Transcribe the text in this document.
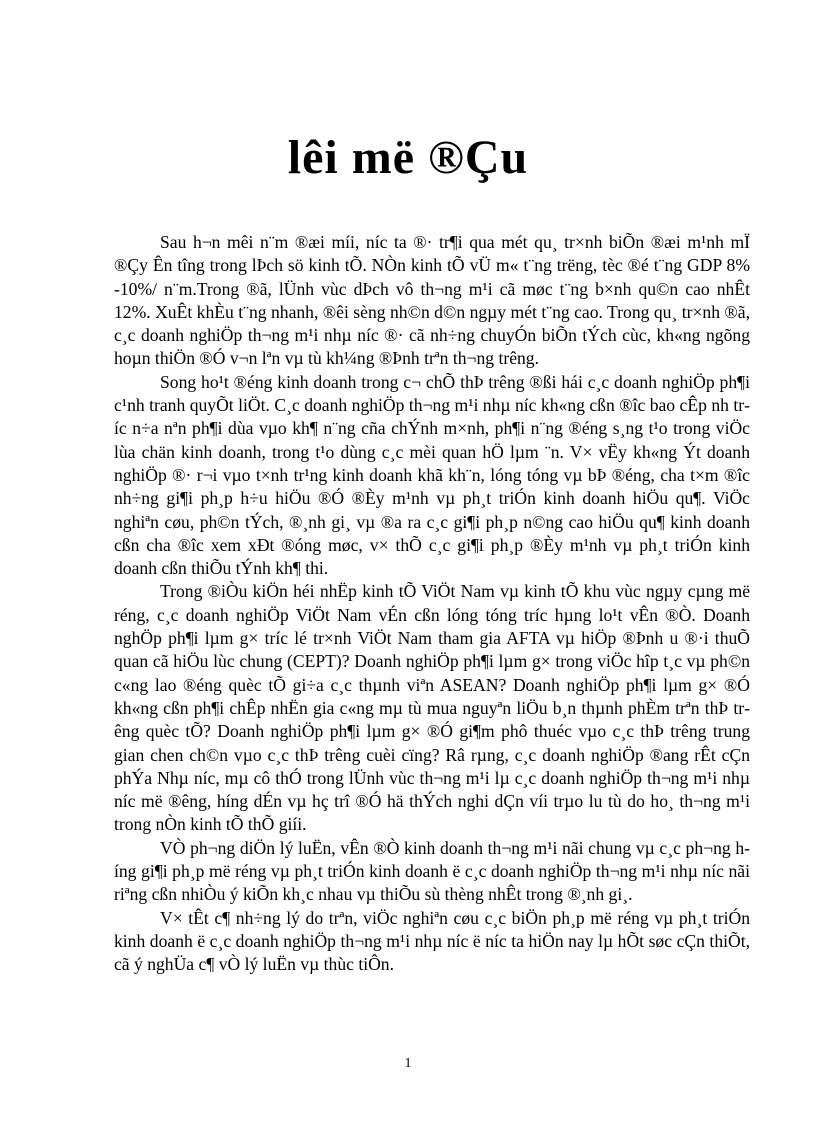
lêi më ®Çu

Sau h¬n mêi n¨m ®æi míi, níc ta ®· tr¶i qua mét qu¸ tr×nh biÕn ®æi m¹nh mÏ ®Çy Ên tîng trong lÞch sö kinh tÕ. NÒn kinh tÕ vÜ m« t¨ng trëng, tèc ®é t¨ng GDP 8% -10%/ n¨m.Trong ®ã, lÜnh vùc dÞch vô th¬ng m¹i cã møc t¨ng b×nh qu©n cao nhÊt 12%. XuÊt khÈu t¨ng nhanh, ®êi sèng nh©n d©n ngµy mét t¨ng cao. Trong qu¸ tr×nh ®ã, c¸c doanh nghiÖp th¬ng m¹i nhµ níc ®· cã nh÷ng chuyÓn biÕn tÝch cùc, kh«ng ngõng hoµn thiÖn ®Ó v¬n lªn vµ tù kh¼ng ®Þnh trªn th¬ng trêng.

Song ho¹t ®éng kinh doanh trong c¬ chÕ thÞ trêng ®ßi hái c¸c doanh nghiÖp ph¶i c¹nh tranh quyÕt liÖt. C¸c doanh nghiÖp th¬ng m¹i nhµ níc kh«ng cßn ®îc bao cÊp nh tríc n÷a nªn ph¶i dùa vµo kh¶ n¨ng cña chÝnh m×nh, ph¶i n¨ng ®éng s¸ng t¹o trong viÖc lùa chän kinh doanh, trong t¹o dùng c¸c mèi quan hÖ lµm ¨n. V× vËy kh«ng Ýt doanh nghiÖp ®· r¬i vµo t×nh tr¹ng kinh doanh khã kh¨n, lóng tóng vµ bÞ ®éng, cha t×m ®îc nh÷ng gi¶i ph¸p h÷u hiÖu ®Ó ®Èy m¹nh vµ ph¸t triÓn kinh doanh hiÖu qu¶. ViÖc nghiªn cøu, ph©n tÝch, ®¸nh gi¸ vµ ®a ra c¸c gi¶i ph¸p n©ng cao hiÖu qu¶ kinh doanh cßn cha ®îc xem xÐt ®óng møc, v× thÕ c¸c gi¶i ph¸p ®Èy m¹nh vµ ph¸t triÓn kinh doanh cßn thiÕu tÝnh kh¶ thi.

Trong ®iÒu kiÖn héi nhËp kinh tÕ ViÖt Nam vµ kinh tÕ khu vùc ngµy cµng më réng, c¸c doanh nghiÖp ViÖt Nam vÉn cßn lóng tóng tríc hµng lo¹t vÊn ®Ò. Doanh nghÖp ph¶i lµm g× tríc lé tr×nh ViÖt Nam tham gia AFTA vµ hiÖp ®Þnh u ®·i thuÕ quan cã hiÖu lùc chung (CEPT)? Doanh nghiÖp ph¶i lµm g× trong viÖc hîp t¸c vµ ph©n c«ng lao ®éng quèc tÕ gi÷a c¸c thµnh viªn ASEAN? Doanh nghiÖp ph¶i lµm g× ®Ó kh«ng cßn ph¶i chÊp nhËn gia c«ng mµ tù mua nguyªn liÖu b¸n thµnh phÈm trªn thÞ trêng quèc tÕ? Doanh nghiÖp ph¶i lµm g× ®Ó gi¶m phô thuéc vµo c¸c thÞ trêng trung gian chen ch©n vµo c¸c thÞ trêng cuèi cïng? Râ rµng, c¸c doanh nghiÖp ®ang rÊt cÇn phÝa Nhµ níc, mµ cô thÓ trong lÜnh vùc th¬ng m¹i lµ c¸c doanh nghiÖp th¬ng m¹i nhµ níc më ®êng, híng dÉn vµ hç trî ®Ó hä thÝch nghi dÇn víi trµo lu tù do ho¸ th¬ng m¹i trong nÒn kinh tÕ thÕ giíi.

VÒ ph¬ng diÖn lý luËn, vÊn ®Ò kinh doanh th¬ng m¹i nãi chung vµ c¸c ph¬ng híng gi¶i ph¸p më réng vµ ph¸t triÓn kinh doanh ë c¸c doanh nghiÖp th¬ng m¹i nhµ níc nãi riªng cßn nhiÒu ý kiÕn kh¸c nhau vµ thiÕu sù thèng nhÊt trong ®¸nh gi¸.

V× tÊt c¶ nh÷ng lý do trªn, viÖc nghiªn cøu c¸c biÖn ph¸p më réng vµ ph¸t triÓn kinh doanh ë c¸c doanh nghiÖp th¬ng m¹i nhµ níc ë níc ta hiÖn nay lµ hÕt søc cÇn thiÕt, cã ý nghÜa c¶ vÒ lý luËn vµ thùc tiÔn.

1
